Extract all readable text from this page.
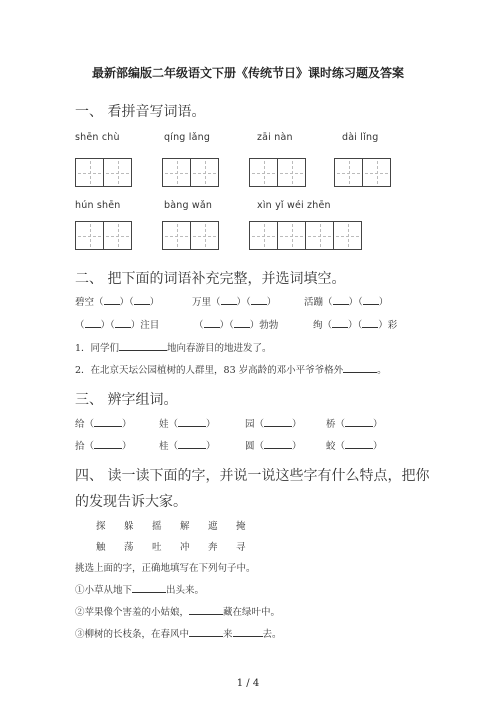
最新部编版二年级语文下册《传统节日》课时练习题及答案
一、 看拼音写词语。
shēn chù	qíng lǎng	zāi nàn	dài lǐng
hún shēn	bàng wǎn	xìn yǐ wéi zhēn
二、 把下面的词语补充完整，并选词填空。
碧空（ ）（ ）	万里（ ）（ ）	活蹦（ ）（ ）
（ ）（ ）注目	（ ）（ ）勃勃	绚（ ）（ ）彩
1．同学们	地向春游目的地进发了。
2．在北京天坛公园植树的人群里，83 岁高龄的邓小平爷爷格外	。
三、 辨字组词。
给（	）	娃（	）	园（	）	桥（	）
拾（	）	桂（	）	圆（	）	蛟（	）
四、 读一读下面的字，并说一说这些字有什么特点，把你
的发现告诉大家。
探 躲 摇 解 遮 掩
触 荡 吐 冲 奔 寻
挑选上面的字，正确地填写在下列句子中。
①小草从地下	出头来。
②苹果像个害羞的小姑娘，	藏在绿叶中。
③柳树的长枝条，在春风中	来	去。
1 / 4
